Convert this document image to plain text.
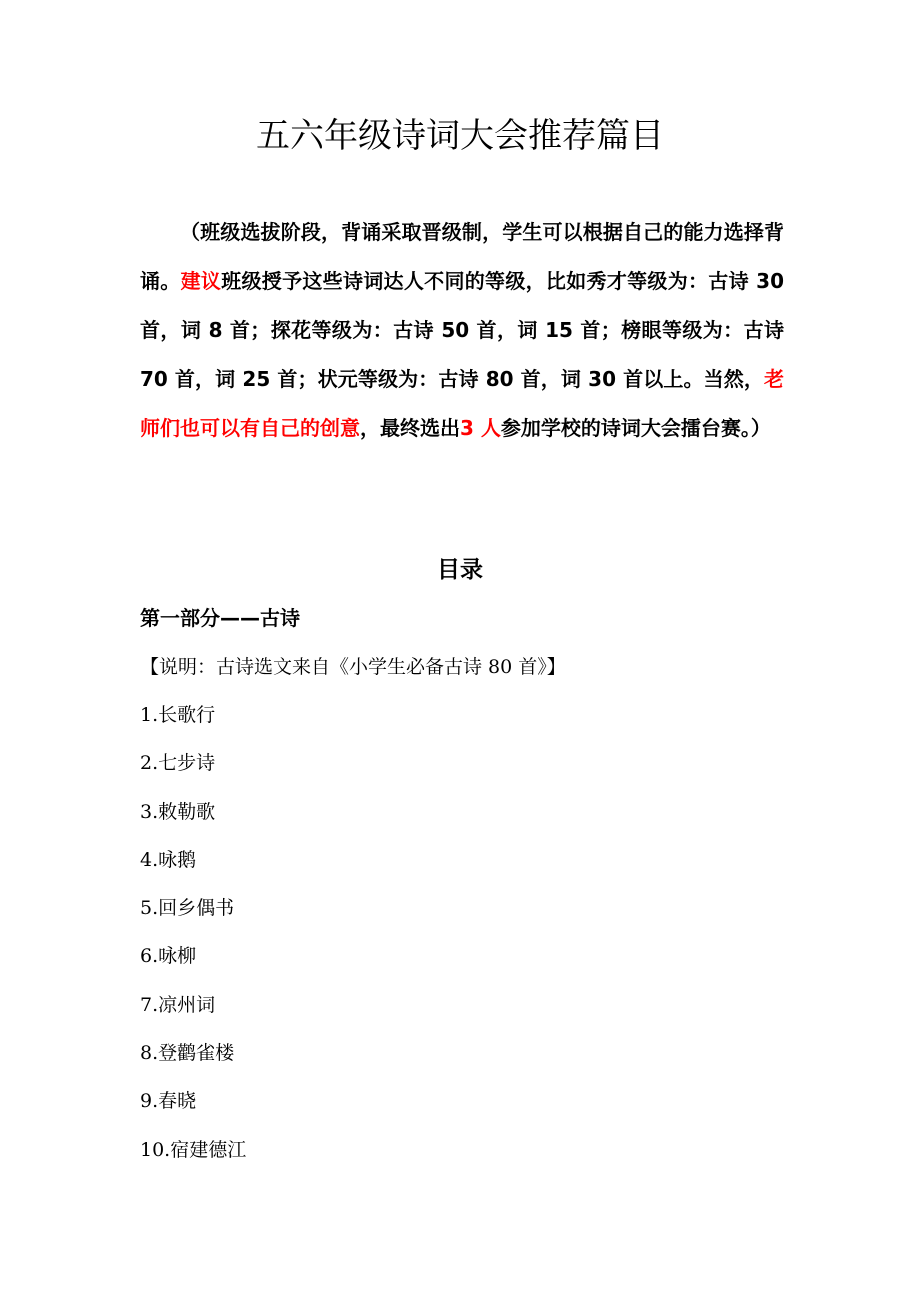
五六年级诗词大会推荐篇目

（班级选拔阶段，背诵采取晋级制，学生可以根据自己的能力选择背诵。建议班级授予这些诗词达人不同的等级，比如秀才等级为：古诗 30 首，词 8 首；探花等级为：古诗 50 首，词 15 首；榜眼等级为：古诗 70 首，词 25 首；状元等级为：古诗 80 首，词 30 首以上。当然，老师们也可以有自己的创意，最终选出3 人参加学校的诗词大会擂台赛。）

目录
第一部分——古诗

【说明：古诗选文来自《小学生必备古诗 80 首》】

1.长歌行
2.七步诗
3.敕勒歌
4.咏鹅
5.回乡偶书
6.咏柳
7.凉州词
8.登鹳雀楼
9.春晓
10.宿建德江
